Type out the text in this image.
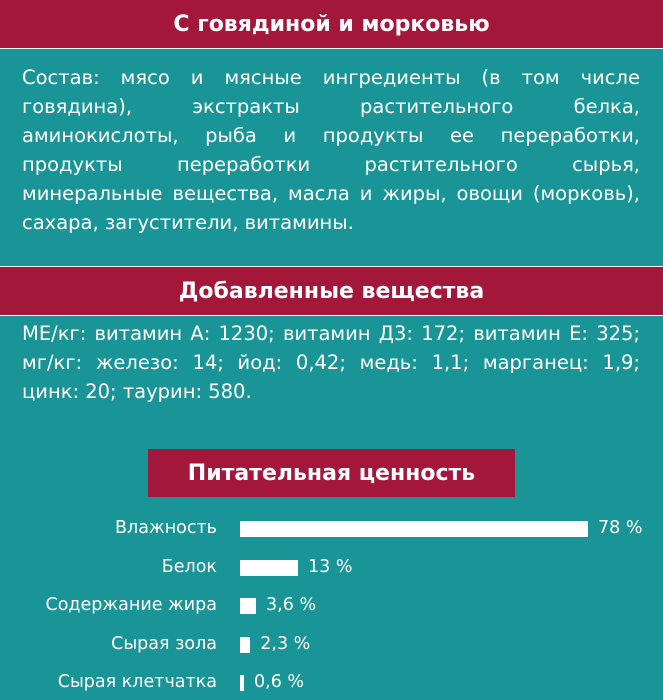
С говядиной и морковью
Состав: мясо и мясные ингредиенты (в том числе говядина), экстракты растительного белка, аминокислоты, рыба и продукты ее переработки, продукты переработки растительного сырья, минеральные вещества, масла и жиры, овощи (морковь), сахара, загустители, витамины.
Добавленные вещества
МЕ/кг: витамин А: 1230; витамин Д3: 172; витамин Е: 325; мг/кг: железо: 14; йод: 0,42; медь: 1,1; марганец: 1,9; цинк: 20; таурин: 580.
Питательная ценность
Влажность	78 %
Белок	13 %
Содержание жира	3,6 %
Сырая зола 2,3 %
Сырая клетчатка 0,6 %
